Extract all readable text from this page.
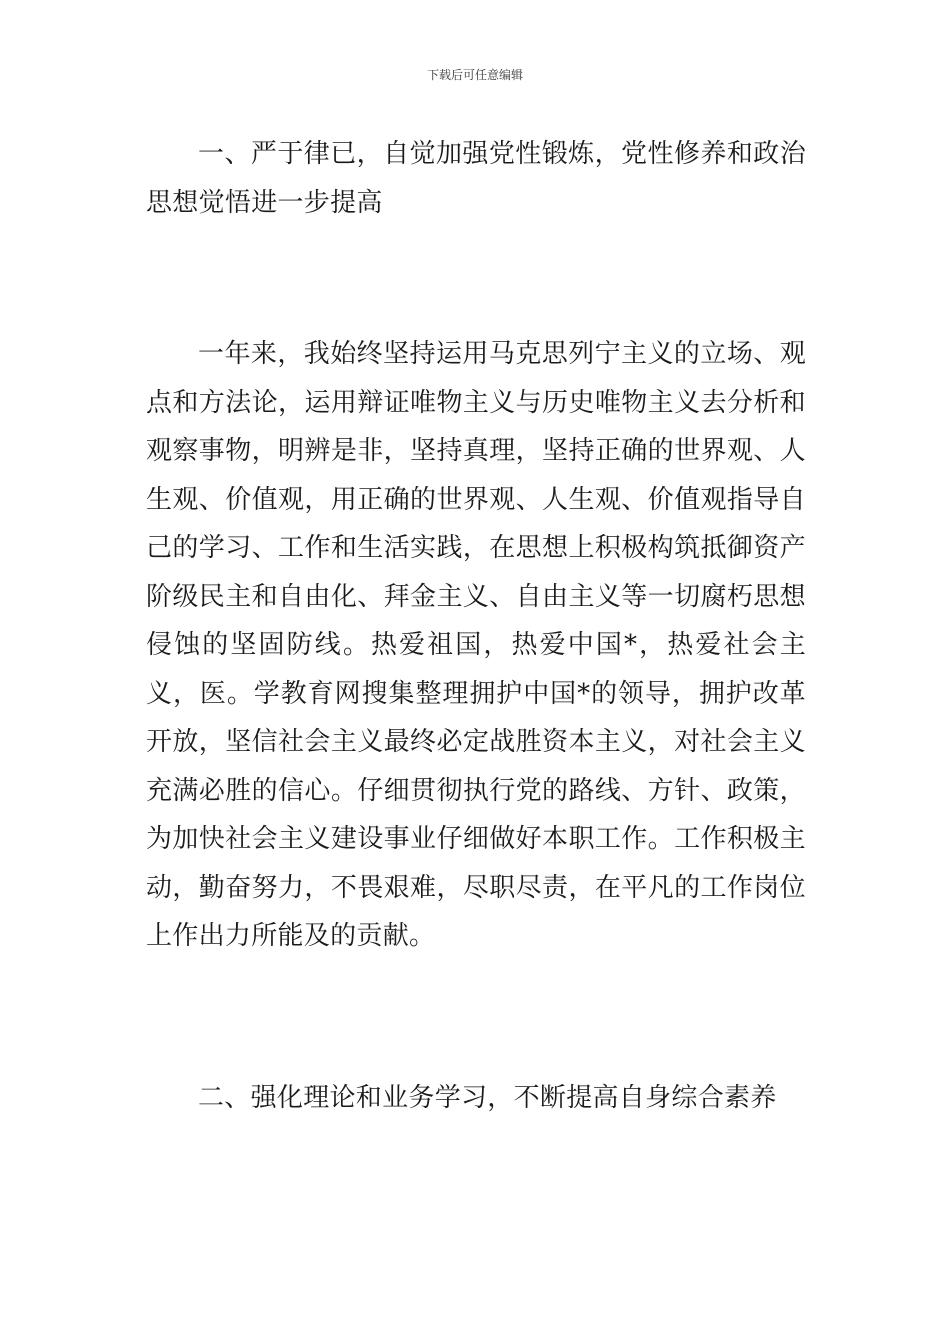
下载后可任意编辑

一、严于律已，自觉加强党性锻炼，党性修养和政治思想觉悟进一步提高

一年来，我始终坚持运用马克思列宁主义的立场、观点和方法论，运用辩证唯物主义与历史唯物主义去分析和观察事物，明辨是非，坚持真理，坚持正确的世界观、人生观、价值观，用正确的世界观、人生观、价值观指导自己的学习、工作和生活实践，在思想上积极构筑抵御资产阶级民主和自由化、拜金主义、自由主义等一切腐朽思想侵蚀的坚固防线。热爱祖国，热爱中国*，热爱社会主义，医。学教育网搜集整理拥护中国*的领导，拥护改革开放，坚信社会主义最终必定战胜资本主义，对社会主义充满必胜的信心。仔细贯彻执行党的路线、方针、政策，为加快社会主义建设事业仔细做好本职工作。工作积极主动，勤奋努力，不畏艰难，尽职尽责，在平凡的工作岗位上作出力所能及的贡献。

二、强化理论和业务学习，不断提高自身综合素养
